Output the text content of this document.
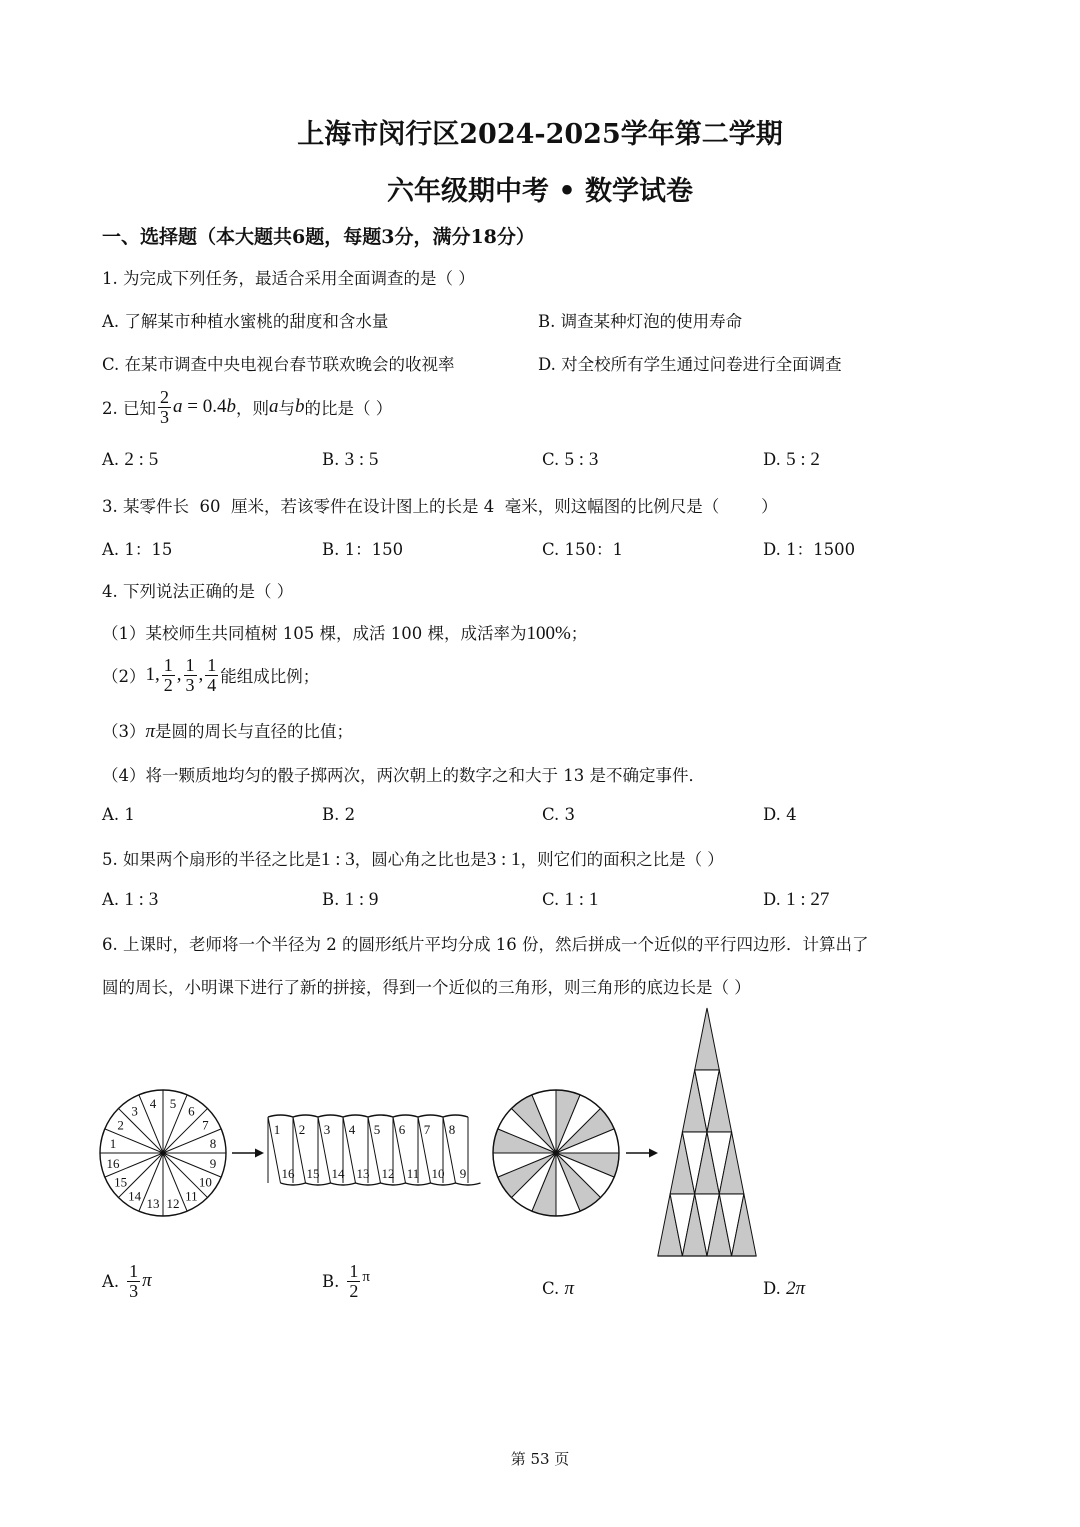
上海市闵行区2024-2025学年第二学期
六年级期中考 • 数学试卷
一、选择题（本大题共6题，每题3分，满分18分）
1. 为完成下列任务，最适合采用全面调查的是（ ）
A. 了解某市种植水蜜桃的甜度和含水量	B. 调查某种灯泡的使用寿命
C. 在某市调查中央电视台春节联欢晚会的收视率	D. 对全校所有学生通过问卷进行全面调查
2. 已知 $\frac{2}{3}$ a = 0.4 b ，则 a 与 b 的比是（ ）
A. 2 : 5	B. 3 : 5	C. 5 : 3	D. 5 : 2
3. 某零件长  60  厘米，若该零件在设计图上的长是 4  毫米，则这幅图的比例尺是（        ）
A. 1：15	B. 1：150	C. 150：1	D. 1：1500
4. 下列说法正确的是（ ）
（1）某校师生共同植树 105 棵，成活 100 棵，成活率为100%；
（2） 1, $\frac{1}{2}$ , $\frac{1}{3}$ , $\frac{1}{4}$ 能组成比例；
（3）π是圆的周长与直径的比值；
（4）将一颗质地均匀的骰子掷两次，两次朝上的数字之和大于 13 是不确定事件．
A. 1	B. 2	C. 3	D. 4
5. 如果两个扇形的半径之比是1 : 3，圆心角之比也是3 : 1，则它们的面积之比是（ ）
A. 1 : 3	B. 1 : 9	C. 1 : 1	D. 1 : 27
6. 上课时，老师将一个半径为 2 的圆形纸片平均分成 16 份，然后拼成一个近似的平行四边形．计算出了
圆的周长，小明课下进行了新的拼接，得到一个近似的三角形，则三角形的底边长是（ ）
1
2
3
4 5
6
7
8
9
10
11
12
13
14
15
16
1 2 3 4 5 6 7 8
16 15 14 13 12 11 10 9
A. $\frac{1}{3}$ π	B. $\frac{1}{2}$ π
C. π	D. 2π
第 53 页
